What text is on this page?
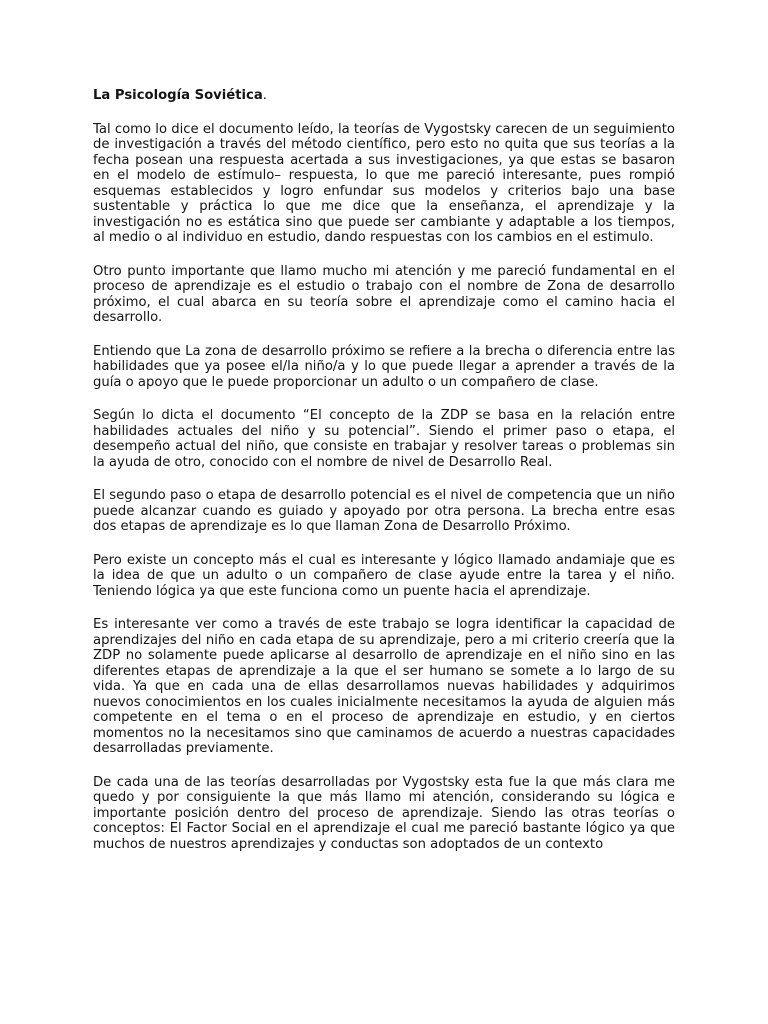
La Psicología Soviética.

Tal como lo dice el documento leído, la teorías de Vygostsky carecen de un seguimiento de investigación a través del método científico, pero esto no quita que sus teorías a la fecha posean una respuesta acertada a sus investigaciones, ya que estas se basaron en el modelo de estímulo– respuesta, lo que me pareció interesante, pues rompió esquemas establecidos y logro enfundar sus modelos y criterios bajo una base sustentable y práctica lo que me dice que la enseñanza, el aprendizaje y la investigación no es estática sino que puede ser cambiante y adaptable a los tiempos, al medio o al individuo en estudio, dando respuestas con los cambios en el estimulo.

Otro punto importante que llamo mucho mi atención y me pareció fundamental en el proceso de aprendizaje es el estudio o trabajo con el nombre de Zona de desarrollo próximo, el cual abarca en su teoría sobre el aprendizaje como el camino hacia el desarrollo.

Entiendo que La zona de desarrollo próximo se refiere a la brecha o diferencia entre las habilidades que ya posee el/la niño/a y lo que puede llegar a aprender a través de la guía o apoyo que le puede proporcionar un adulto o un compañero de clase.

Según lo dicta el documento “El concepto de la ZDP se basa en la relación entre habilidades actuales del niño y su potencial”. Siendo el primer paso o etapa, el desempeño actual del niño, que consiste en trabajar y resolver tareas o problemas sin la ayuda de otro, conocido con el nombre de nivel de Desarrollo Real.

El segundo paso o etapa de desarrollo potencial es el nivel de competencia que un niño puede alcanzar cuando es guiado y apoyado por otra persona. La brecha entre esas dos etapas de aprendizaje es lo que llaman Zona de Desarrollo Próximo.

Pero existe un concepto más el cual es interesante y lógico llamado andamiaje que es la idea de que un adulto o un compañero de clase ayude entre la tarea y el niño. Teniendo lógica ya que este funciona como un puente hacia el aprendizaje.

Es interesante ver como a través de este trabajo se logra identificar la capacidad de aprendizajes del niño en cada etapa de su aprendizaje, pero a mi criterio creería que la ZDP no solamente puede aplicarse al desarrollo de aprendizaje en el niño sino en las diferentes etapas de aprendizaje a la que el ser humano se somete a lo largo de su vida. Ya que en cada una de ellas desarrollamos nuevas habilidades y adquirimos nuevos conocimientos en los cuales inicialmente necesitamos la ayuda de alguien más competente en el tema o en el proceso de aprendizaje en estudio, y en ciertos momentos no la necesitamos sino que caminamos de acuerdo a nuestras capacidades desarrolladas previamente.

De cada una de las teorías desarrolladas por Vygostsky esta fue la que más clara me quedo y por consiguiente la que más llamo mi atención, considerando su lógica e importante posición dentro del proceso de aprendizaje. Siendo las otras teorías o conceptos: El Factor Social en el aprendizaje el cual me pareció bastante lógico ya que muchos de nuestros aprendizajes y conductas son adoptados de un contexto
